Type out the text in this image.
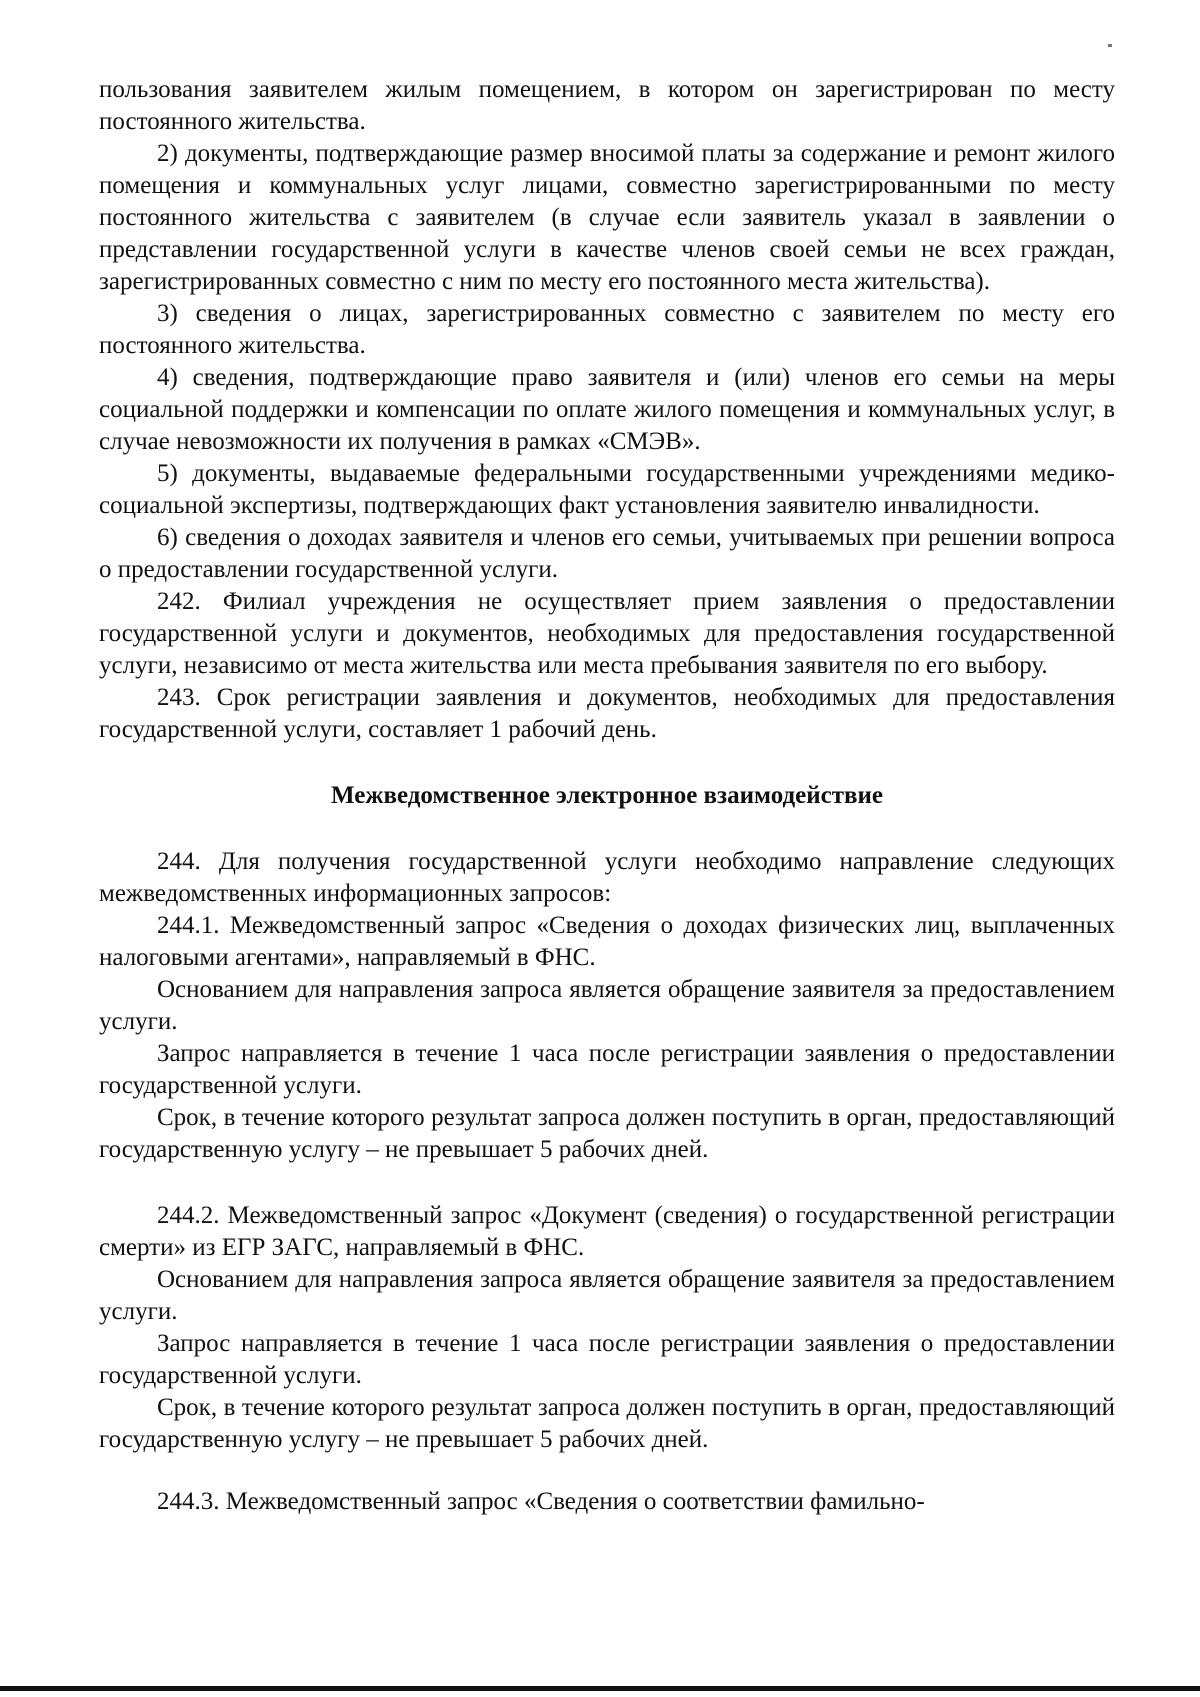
пользования заявителем жилым помещением, в котором он зарегистрирован по месту постоянного жительства.

2) документы, подтверждающие размер вносимой платы за содержание и ремонт жилого помещения и коммунальных услуг лицами, совместно зарегистрированными по месту постоянного жительства с заявителем (в случае если заявитель указал в заявлении о представлении государственной услуги в качестве членов своей семьи не всех граждан, зарегистрированных совместно с ним по месту его постоянного места жительства).

3) сведения о лицах, зарегистрированных совместно с заявителем по месту его постоянного жительства.

4) сведения, подтверждающие право заявителя и (или) членов его семьи на меры социальной поддержки и компенсации по оплате жилого помещения и коммунальных услуг, в случае невозможности их получения в рамках «СМЭВ».

5) документы, выдаваемые федеральными государственными учреждениями медико-социальной экспертизы, подтверждающих факт установления заявителю инвалидности.

6) сведения о доходах заявителя и членов его семьи, учитываемых при решении вопроса о предоставлении государственной услуги.

242. Филиал учреждения не осуществляет прием заявления о предоставлении государственной услуги и документов, необходимых для предоставления государственной услуги, независимо от места жительства или места пребывания заявителя по его выбору.

243. Срок регистрации заявления и документов, необходимых для предоставления государственной услуги, составляет 1 рабочий день.

Межведомственное электронное взаимодействие

244. Для получения государственной услуги необходимо направление следующих межведомственных информационных запросов:

244.1. Межведомственный запрос «Сведения о доходах физических лиц, выплаченных налоговыми агентами», направляемый в ФНС.

Основанием для направления запроса является обращение заявителя за предоставлением услуги.

Запрос направляется в течение 1 часа после регистрации заявления о предоставлении государственной услуги.

Срок, в течение которого результат запроса должен поступить в орган, предоставляющий государственную услугу – не превышает 5 рабочих дней.

244.2. Межведомственный запрос «Документ (сведения) о государственной регистрации смерти» из ЕГР ЗАГС, направляемый в ФНС.

Основанием для направления запроса является обращение заявителя за предоставлением услуги.

Запрос направляется в течение 1 часа после регистрации заявления о предоставлении государственной услуги.

Срок, в течение которого результат запроса должен поступить в орган, предоставляющий государственную услугу – не превышает 5 рабочих дней.

244.3. Межведомственный запрос «Сведения о соответствии фамильно-
